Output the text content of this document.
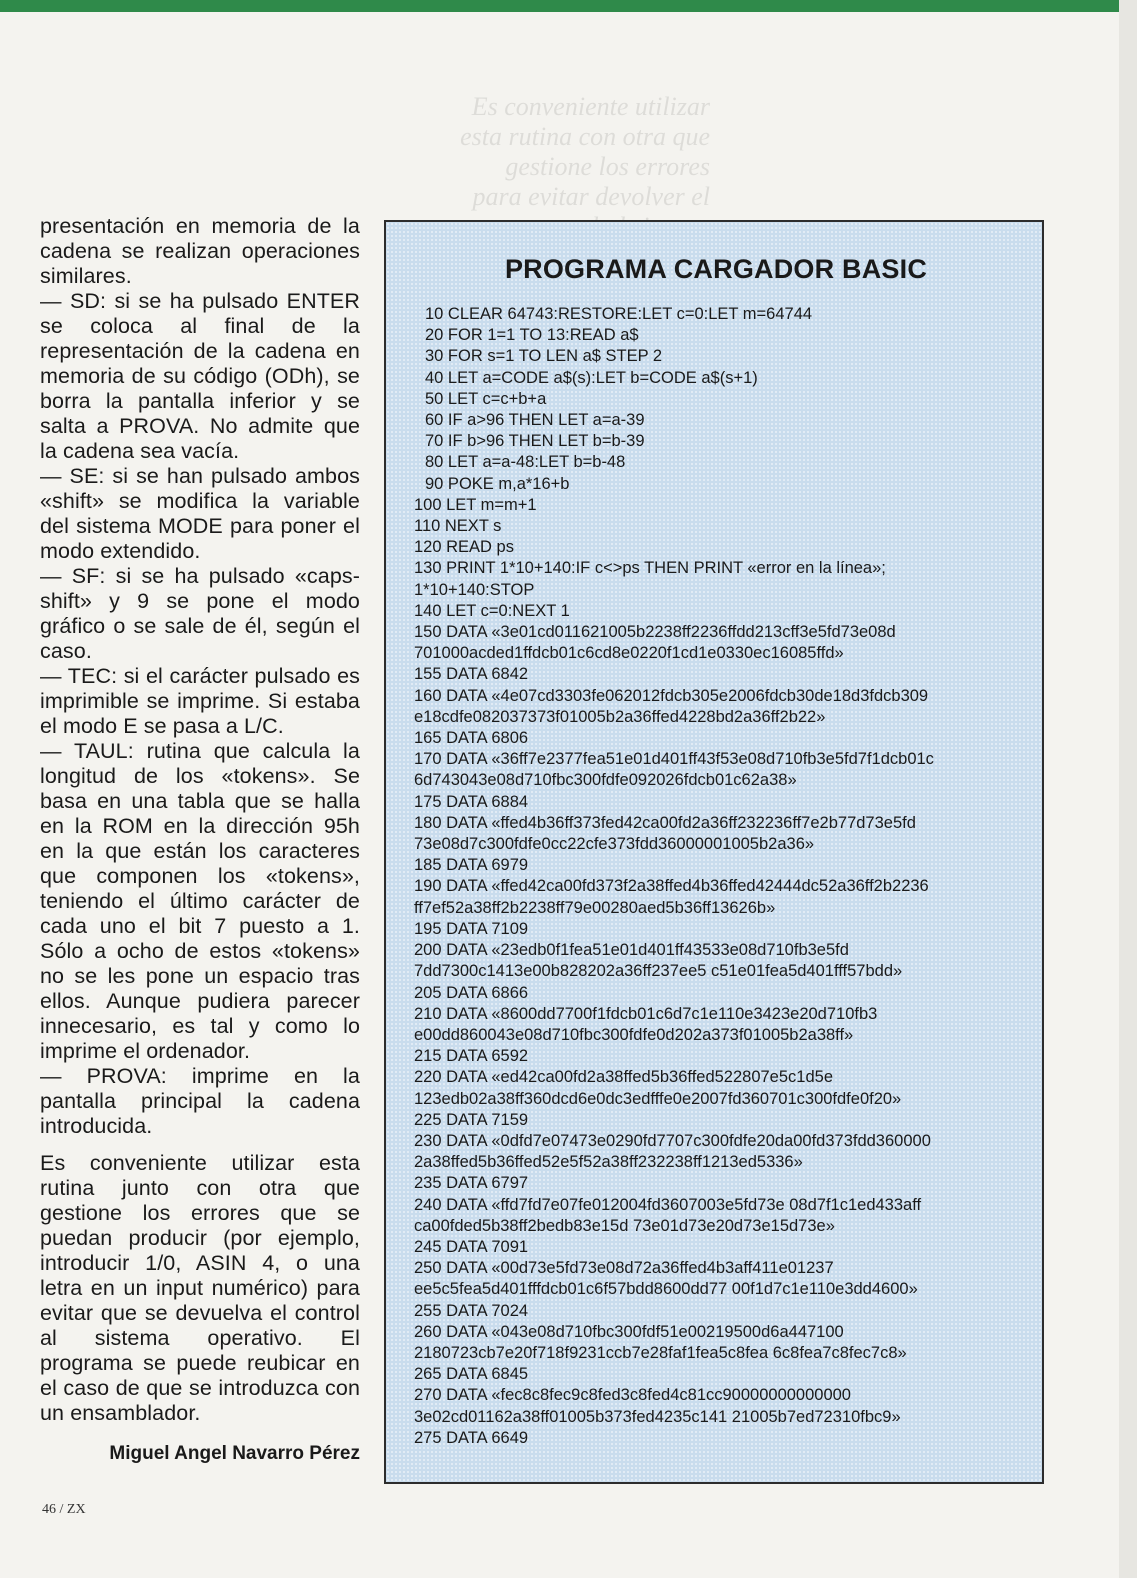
Es conveniente utilizar
esta rutina con otra que
gestione los errores
para evitar devolver el

presentación en memoria de la cadena se realizan operaciones similares.

— SD: si se ha pulsado ENTER se coloca al final de la representación de la cadena en memoria de su código (ODh), se borra la pantalla inferior y se salta a PROVA. No admite que la cadena sea vacía.

— SE: si se han pulsado ambos «shift» se modifica la variable del sistema MODE para poner el modo extendido.

— SF: si se ha pulsado «caps-shift» y 9 se pone el modo gráfico o se sale de él, según el caso.

— TEC: si el carácter pulsado es imprimible se imprime. Si estaba el modo E se pasa a L/C.

— TAUL: rutina que calcula la longitud de los «tokens». Se basa en una tabla que se halla en la ROM en la dirección 95h en la que están los caracteres que componen los «tokens», teniendo el último carácter de cada uno el bit 7 puesto a 1. Sólo a ocho de estos «tokens» no se les pone un espacio tras ellos. Aunque pudiera parecer innecesario, es tal y como lo imprime el ordenador.

— PROVA: imprime en la pantalla principal la cadena introducida.

Es conveniente utilizar esta rutina junto con otra que gestione los errores que se puedan producir (por ejemplo, introducir 1/0, ASIN 4, o una letra en un input numérico) para evitar que se devuelva el control al sistema operativo. El programa se puede reubicar en el caso de que se introduzca con un ensamblador.

Miguel Angel Navarro Pérez

46 / ZX
PROGRAMA CARGADOR BASIC
10 CLEAR 64743:RESTORE:LET c=0:LET m=64744
20 FOR 1=1 TO 13:READ a$
30 FOR s=1 TO LEN a$ STEP 2
40 LET a=CODE a$(s):LET b=CODE a$(s+1)
50 LET c=c+b+a
60 IF a>96 THEN LET a=a-39
70 IF b>96 THEN LET b=b-39
80 LET a=a-48:LET b=b-48
90 POKE m,a*16+b
100 LET m=m+1
110 NEXT s
120 READ ps
130 PRINT 1*10+140:IF c<>ps THEN PRINT «error en la línea»;
1*10+140:STOP
140 LET c=0:NEXT 1
150 DATA «3e01cd011621005b2238ff2236ffdd213cff3e5fd73e08d
701000acded1ffdcb01c6cd8e0220f1cd1e0330ec16085ffd»
155 DATA 6842
160 DATA «4e07cd3303fe062012fdcb305e2006fdcb30de18d3fdcb309
e18cdfe082037373f01005b2a36ffed4228bd2a36ff2b22»
165 DATA 6806
170 DATA «36ff7e2377fea51e01d401ff43f53e08d710fb3e5fd7f1dcb01c
6d743043e08d710fbc300fdfe092026fdcb01c62a38»
175 DATA 6884
180 DATA «ffed4b36ff373fed42ca00fd2a36ff232236ff7e2b77d73e5fd
73e08d7c300fdfe0cc22cfe373fdd36000001005b2a36»
185 DATA 6979
190 DATA «ffed42ca00fd373f2a38ffed4b36ffed42444dc52a36ff2b2236
ff7ef52a38ff2b2238ff79e00280aed5b36ff13626b»
195 DATA 7109
200 DATA «23edb0f1fea51e01d401ff43533e08d710fb3e5fd
7dd7300c1413e00b828202a36ff237ee5 c51e01fea5d401fff57bdd»
205 DATA 6866
210 DATA «8600dd7700f1fdcb01c6d7c1e110e3423e20d710fb3
e00dd860043e08d710fbc300fdfe0d202a373f01005b2a38ff»
215 DATA 6592
220 DATA «ed42ca00fd2a38ffed5b36ffed522807e5c1d5e
123edb02a38ff360dcd6e0dc3edfffe0e2007fd360701c300fdfe0f20»
225 DATA 7159
230 DATA «0dfd7e07473e0290fd7707c300fdfe20da00fd373fdd360000
2a38ffed5b36ffed52e5f52a38ff232238ff1213ed5336»
235 DATA 6797
240 DATA «ffd7fd7e07fe012004fd3607003e5fd73e 08d7f1c1ed433aff
ca00fded5b38ff2bedb83e15d 73e01d73e20d73e15d73e»
245 DATA 7091
250 DATA «00d73e5fd73e08d72a36ffed4b3aff411e01237
ee5c5fea5d401fffdcb01c6f57bdd8600dd77 00f1d7c1e110e3dd4600»
255 DATA 7024
260 DATA «043e08d710fbc300fdf51e00219500d6a447100
2180723cb7e20f718f9231ccb7e28faf1fea5c8fea 6c8fea7c8fec7c8»
265 DATA 6845
270 DATA «fec8c8fec9c8fed3c8fed4c81cc90000000000000
3e02cd01162a38ff01005b373fed4235c141 21005b7ed72310fbc9»
275 DATA 6649
